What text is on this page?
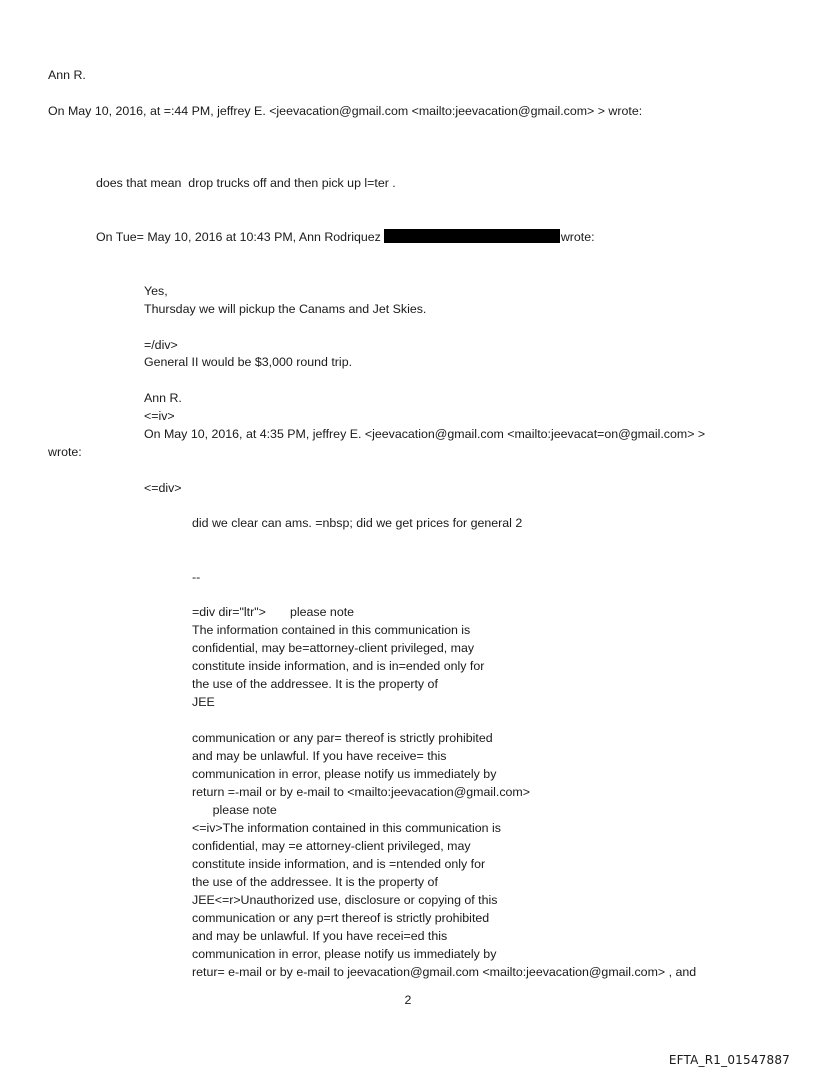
Ann R.
On May 10, 2016, at =:44 PM, jeffrey E. <jeevacation@gmail.com <mailto:jeevacation@gmail.com> > wrote:
does that mean  drop trucks off and then pick up l=ter .
On Tue= May 10, 2016 at 10:43 PM, Ann Rodriquez	wrote:
Yes,
Thursday we will pickup the Canams and Jet Skies.
=/div>
General II would be $3,000 round trip.
Ann R.
<=iv>
On May 10, 2016, at 4:35 PM, jeffrey E. <jeevacation@gmail.com <mailto:jeevacat=on@gmail.com> >
wrote:
<=div>
did we clear can ams. =nbsp; did we get prices for general 2
--
=div dir="ltr">       please note
The information contained in this communication is
confidential, may be=attorney-client privileged, may
constitute inside information, and is in=ended only for
the use of the addressee. It is the property of
JEE
communication or any par= thereof is strictly prohibited
and may be unlawful. If you have receive= this
communication in error, please notify us immediately by
return =-mail or by e-mail to <mailto:jeevacation@gmail.com>
please note
<=iv>The information contained in this communication is
confidential, may =e attorney-client privileged, may
constitute inside information, and is =ntended only for
the use of the addressee. It is the property of
JEE<=r>Unauthorized use, disclosure or copying of this
communication or any p=rt thereof is strictly prohibited
and may be unlawful. If you have recei=ed this
communication in error, please notify us immediately by
retur= e-mail or by e-mail to jeevacation@gmail.com <mailto:jeevacation@gmail.com> , and
2
EFTA_R1_01547887
